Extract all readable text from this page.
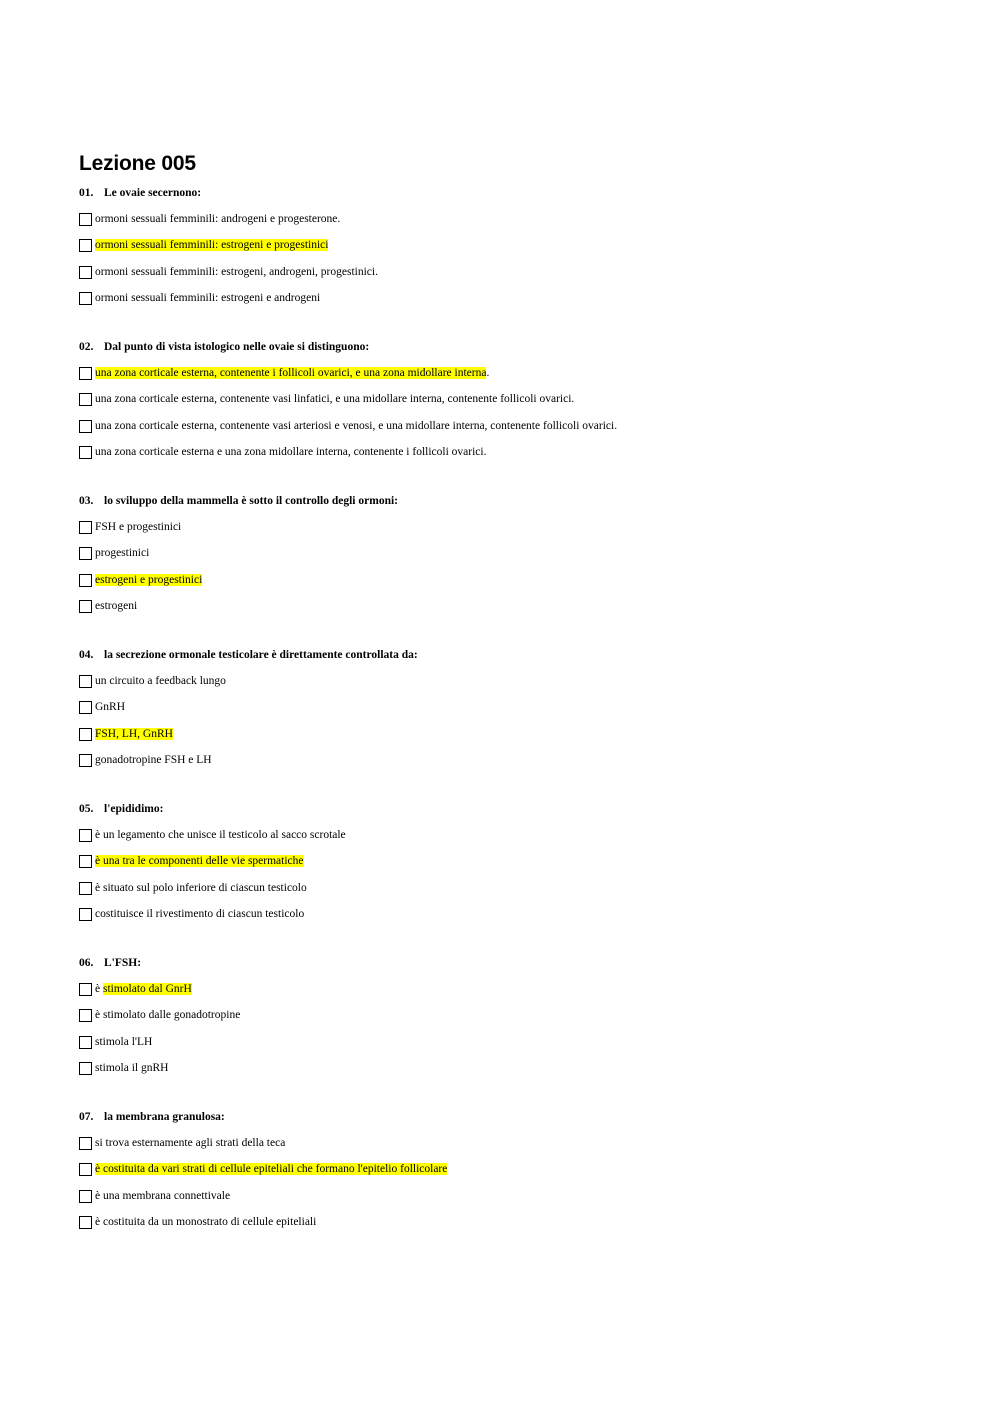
Lezione 005
01. Le ovaie secernono:
ormoni sessuali femminili: androgeni e progesterone.
ormoni sessuali femminili: estrogeni e progestinici
ormoni sessuali femminili: estrogeni, androgeni, progestinici.
ormoni sessuali femminili: estrogeni e androgeni
02. Dal punto di vista istologico nelle ovaie si distinguono:
una zona corticale esterna, contenente i follicoli ovarici, e una zona midollare interna.
una zona corticale esterna, contenente vasi linfatici, e una midollare interna, contenente follicoli ovarici.
una zona corticale esterna, contenente vasi arteriosi e venosi, e una midollare interna, contenente follicoli ovarici.
una zona corticale esterna e una zona midollare interna, contenente i follicoli ovarici.
03. lo sviluppo della mammella è sotto il controllo degli ormoni:
FSH e progestinici
progestinici
estrogeni e progestinici
estrogeni
04. la secrezione ormonale testicolare è direttamente controllata da:
un circuito a feedback lungo
GnRH
FSH, LH, GnRH
gonadotropine FSH e LH
05. l'epididimo:
è un legamento che unisce il testicolo al sacco scrotale
è una tra le componenti delle vie spermatiche
è situato sul polo inferiore di ciascun testicolo
costituisce il rivestimento di ciascun testicolo
06. L'FSH:
è stimolato dal GnrH
è stimolato dalle gonadotropine
stimola l'LH
stimola il gnRH
07. la membrana granulosa:
si trova esternamente agli strati della teca
è costituita da vari strati di cellule epiteliali che formano l'epitelio follicolare
è una membrana connettivale
è costituita da un monostrato di cellule epiteliali
